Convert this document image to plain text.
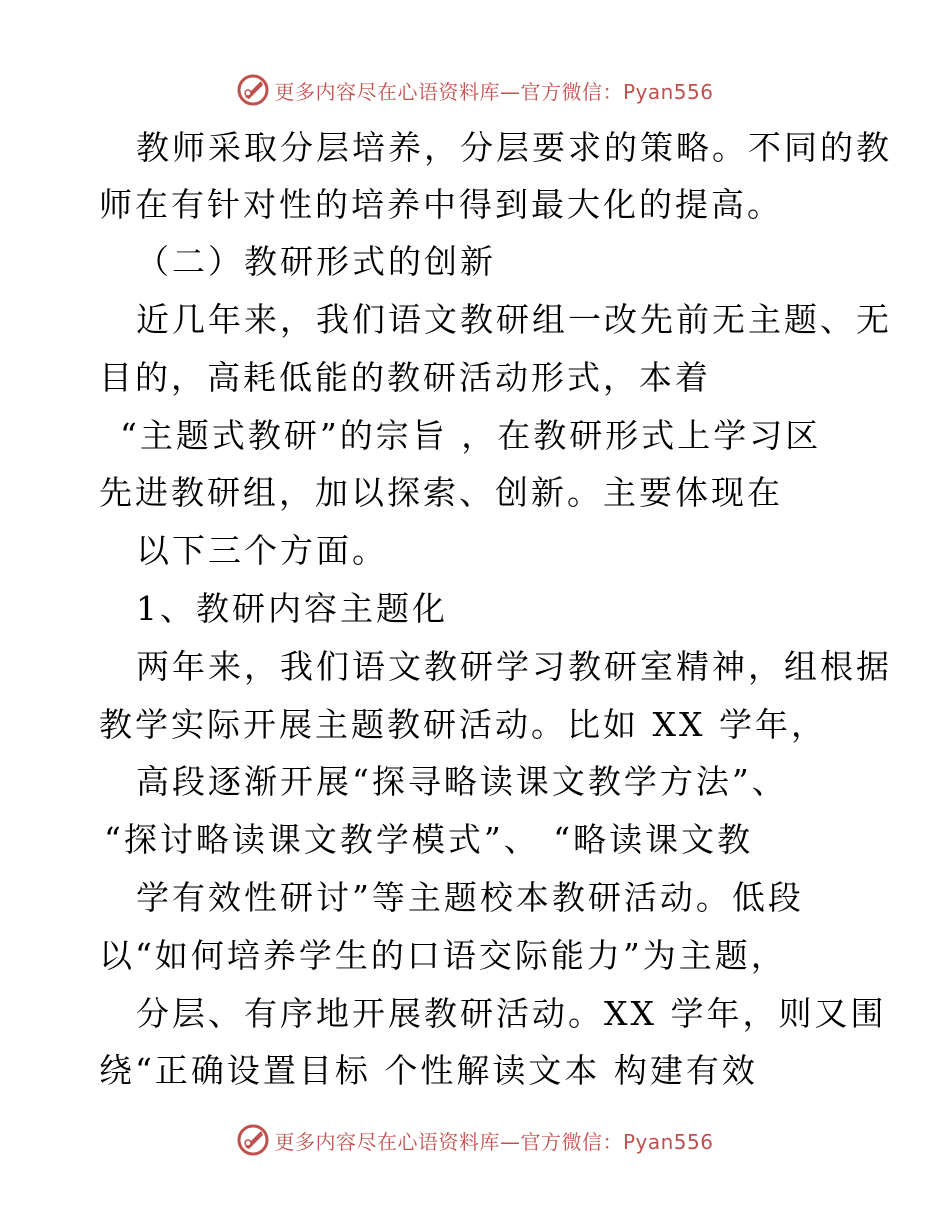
更多内容尽在心语资料库—官方微信：Pyan556
教师采取分层培养，分层要求的策略。不同的教
师在有针对性的培养中得到最大化的提高。
（二）教研形式的创新
近几年来，我们语文教研组一改先前无主题、无
目的，高耗低能的教研活动形式，本着
“主题式教研”的宗旨 ，在教研形式上学习区
先进教研组，加以探索、创新。主要体现在
以下三个方面。
1、教研内容主题化
两年来，我们语文教研学习教研室精神，组根据
教学实际开展主题教研活动。比如 XX 学年，
高段逐渐开展“探寻略读课文教学方法”、
“探讨略读课文教学模式”、 “略读课文教
学有效性研讨”等主题校本教研活动。低段
以“如何培养学生的口语交际能力”为主题，
分层、有序地开展教研活动。XX 学年，则又围
绕“正确设置目标 个性解读文本 构建有效
更多内容尽在心语资料库—官方微信：Pyan556
